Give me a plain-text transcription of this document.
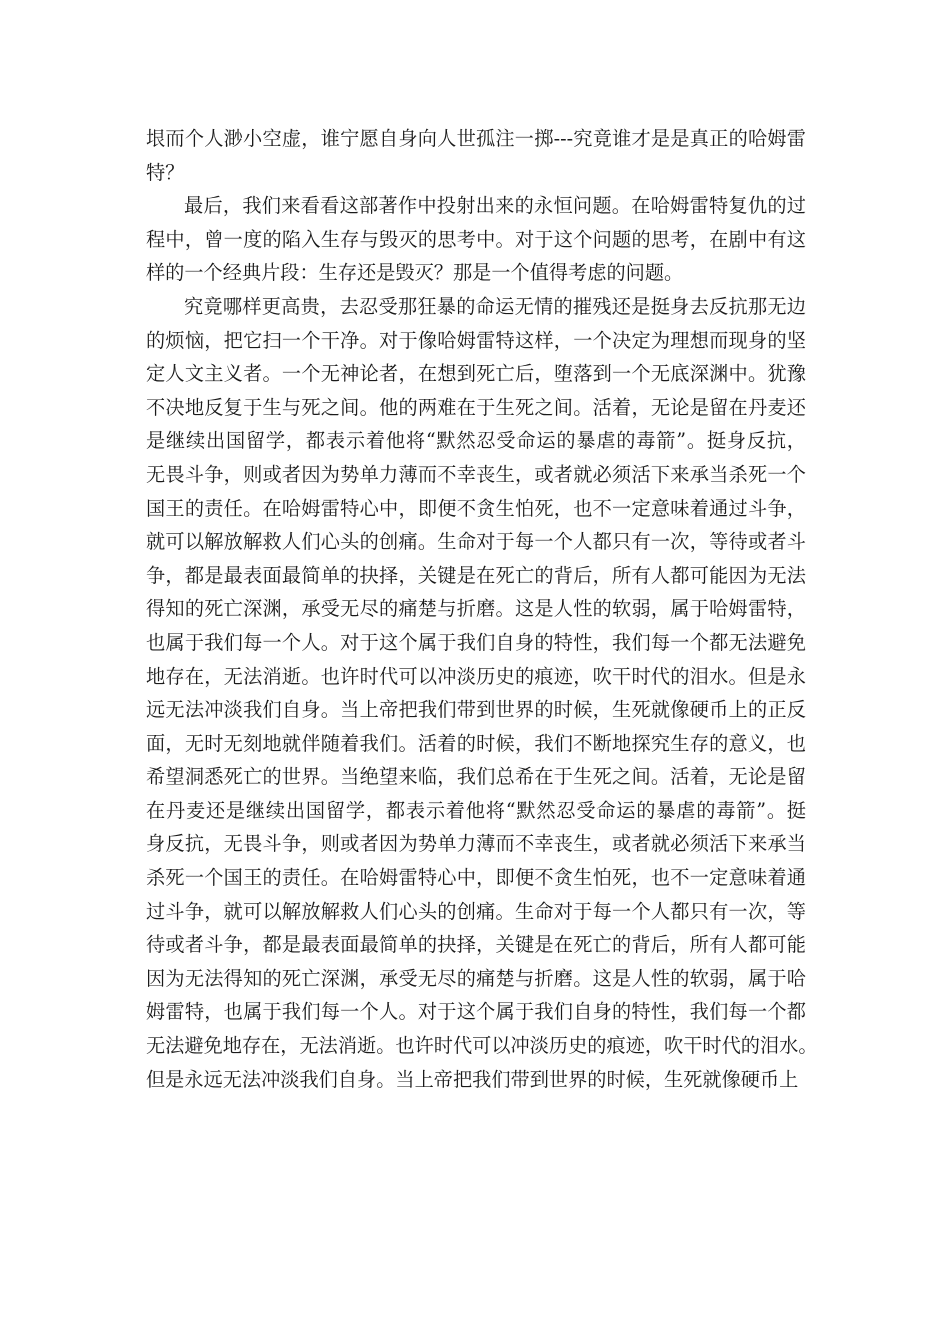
垠而个人渺小空虚，谁宁愿自身向人世孤注一掷---究竟谁才是是真正的哈姆雷
特？
最后，我们来看看这部著作中投射出来的永恒问题。在哈姆雷特复仇的过
程中，曾一度的陷入生存与毁灭的思考中。对于这个问题的思考，在剧中有这
样的一个经典片段：生存还是毁灭？那是一个值得考虑的问题。
究竟哪样更高贵，去忍受那狂暴的命运无情的摧残还是挺身去反抗那无边
的烦恼，把它扫一个干净。对于像哈姆雷特这样，一个决定为理想而现身的坚
定人文主义者。一个无神论者，在想到死亡后，堕落到一个无底深渊中。犹豫
不决地反复于生与死之间。他的两难在于生死之间。活着，无论是留在丹麦还
是继续出国留学，都表示着他将“默然忍受命运的暴虐的毒箭”。挺身反抗，
无畏斗争，则或者因为势单力薄而不幸丧生，或者就必须活下来承当杀死一个
国王的责任。在哈姆雷特心中，即便不贪生怕死，也不一定意味着通过斗争，
就可以解放解救人们心头的创痛。生命对于每一个人都只有一次，等待或者斗
争，都是最表面最简单的抉择，关键是在死亡的背后，所有人都可能因为无法
得知的死亡深渊，承受无尽的痛楚与折磨。这是人性的软弱，属于哈姆雷特，
也属于我们每一个人。对于这个属于我们自身的特性，我们每一个都无法避免
地存在，无法消逝。也许时代可以冲淡历史的痕迹，吹干时代的泪水。但是永
远无法冲淡我们自身。当上帝把我们带到世界的时候，生死就像硬币上的正反
面，无时无刻地就伴随着我们。活着的时候，我们不断地探究生存的意义，也
希望洞悉死亡的世界。当绝望来临，我们总希在于生死之间。活着，无论是留
在丹麦还是继续出国留学，都表示着他将“默然忍受命运的暴虐的毒箭”。挺
身反抗，无畏斗争，则或者因为势单力薄而不幸丧生，或者就必须活下来承当
杀死一个国王的责任。在哈姆雷特心中，即便不贪生怕死，也不一定意味着通
过斗争，就可以解放解救人们心头的创痛。生命对于每一个人都只有一次，等
待或者斗争，都是最表面最简单的抉择，关键是在死亡的背后，所有人都可能
因为无法得知的死亡深渊，承受无尽的痛楚与折磨。这是人性的软弱，属于哈
姆雷特，也属于我们每一个人。对于这个属于我们自身的特性，我们每一个都
无法避免地存在，无法消逝。也许时代可以冲淡历史的痕迹，吹干时代的泪水。
但是永远无法冲淡我们自身。当上帝把我们带到世界的时候，生死就像硬币上
